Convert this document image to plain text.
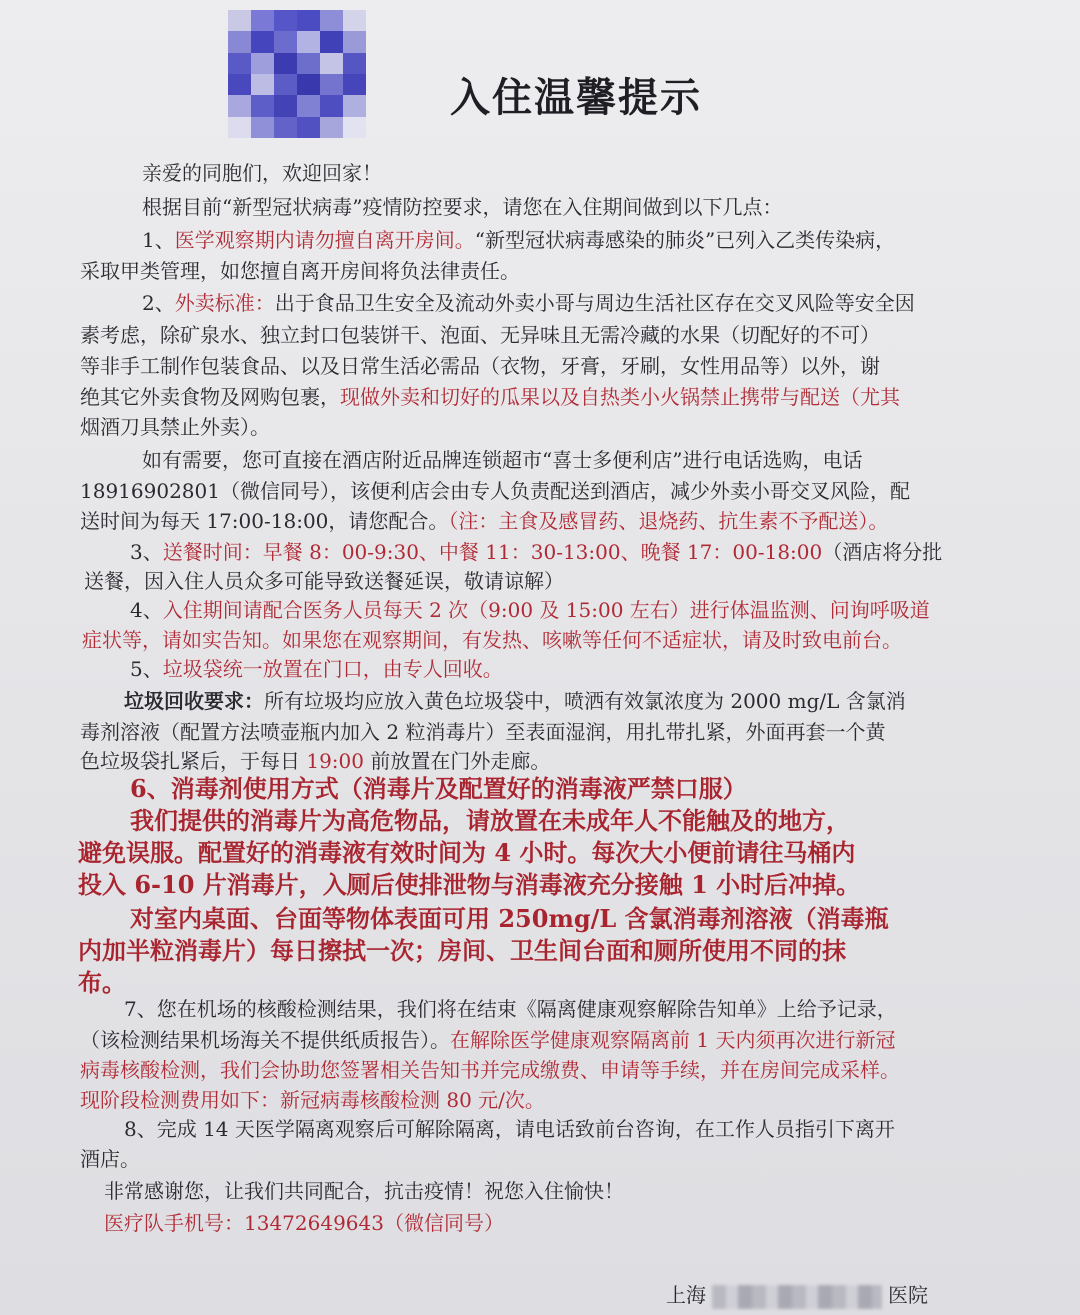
入住温馨提示
亲爱的同胞们，欢迎回家！
根据目前“新型冠状病毒”疫情防控要求，请您在入住期间做到以下几点：
1、医学观察期内请勿擅自离开房间。“新型冠状病毒感染的肺炎”已列入乙类传染病，
采取甲类管理，如您擅自离开房间将负法律责任。
2、外卖标准：出于食品卫生安全及流动外卖小哥与周边生活社区存在交叉风险等安全因
素考虑，除矿泉水、独立封口包装饼干、泡面、无异味且无需冷藏的水果（切配好的不可）
等非手工制作包装食品、以及日常生活必需品（衣物，牙膏，牙刷，女性用品等）以外，谢
绝其它外卖食物及网购包裹，现做外卖和切好的瓜果以及自热类小火锅禁止携带与配送（尤其
烟酒刀具禁止外卖）。
如有需要，您可直接在酒店附近品牌连锁超市“喜士多便利店”进行电话选购，电话
18916902801（微信同号），该便利店会由专人负责配送到酒店，减少外卖小哥交叉风险，配
送时间为每天 17:00-18:00，请您配合。（注：主食及感冒药、退烧药、抗生素不予配送）。
3、送餐时间：早餐 8：00-9:30、中餐 11：30-13:00、晚餐 17：00-18:00（酒店将分批
送餐，因入住人员众多可能导致送餐延误，敬请谅解）
4、入住期间请配合医务人员每天 2 次（9:00 及 15:00 左右）进行体温监测、问询呼吸道
症状等，请如实告知。如果您在观察期间，有发热、咳嗽等任何不适症状，请及时致电前台。
5、垃圾袋统一放置在门口，由专人回收。
垃圾回收要求：所有垃圾均应放入黄色垃圾袋中，喷洒有效氯浓度为 2000 mg/L 含氯消
毒剂溶液（配置方法喷壶瓶内加入 2 粒消毒片）至表面湿润，用扎带扎紧，外面再套一个黄
色垃圾袋扎紧后，于每日 19:00 前放置在门外走廊。
6、消毒剂使用方式（消毒片及配置好的消毒液严禁口服）
我们提供的消毒片为高危物品，请放置在未成年人不能触及的地方，
避免误服。配置好的消毒液有效时间为 4 小时。每次大小便前请往马桶内
投入 6-10 片消毒片，入厕后使排泄物与消毒液充分接触 1 小时后冲掉。
对室内桌面、台面等物体表面可用 250mg/L 含氯消毒剂溶液（消毒瓶
内加半粒消毒片）每日擦拭一次；房间、卫生间台面和厕所使用不同的抹
布。
7、您在机场的核酸检测结果，我们将在结束《隔离健康观察解除告知单》上给予记录，
（该检测结果机场海关不提供纸质报告）。在解除医学健康观察隔离前 1 天内须再次进行新冠
病毒核酸检测，我们会协助您签署相关告知书并完成缴费、申请等手续，并在房间完成采样。
现阶段检测费用如下：新冠病毒核酸检测 80 元/次。
8、完成 14 天医学隔离观察后可解除隔离，请电话致前台咨询，在工作人员指引下离开
酒店。
非常感谢您，让我们共同配合，抗击疫情！祝您入住愉快！
医疗队手机号：13472649643（微信同号）
上海	医院
